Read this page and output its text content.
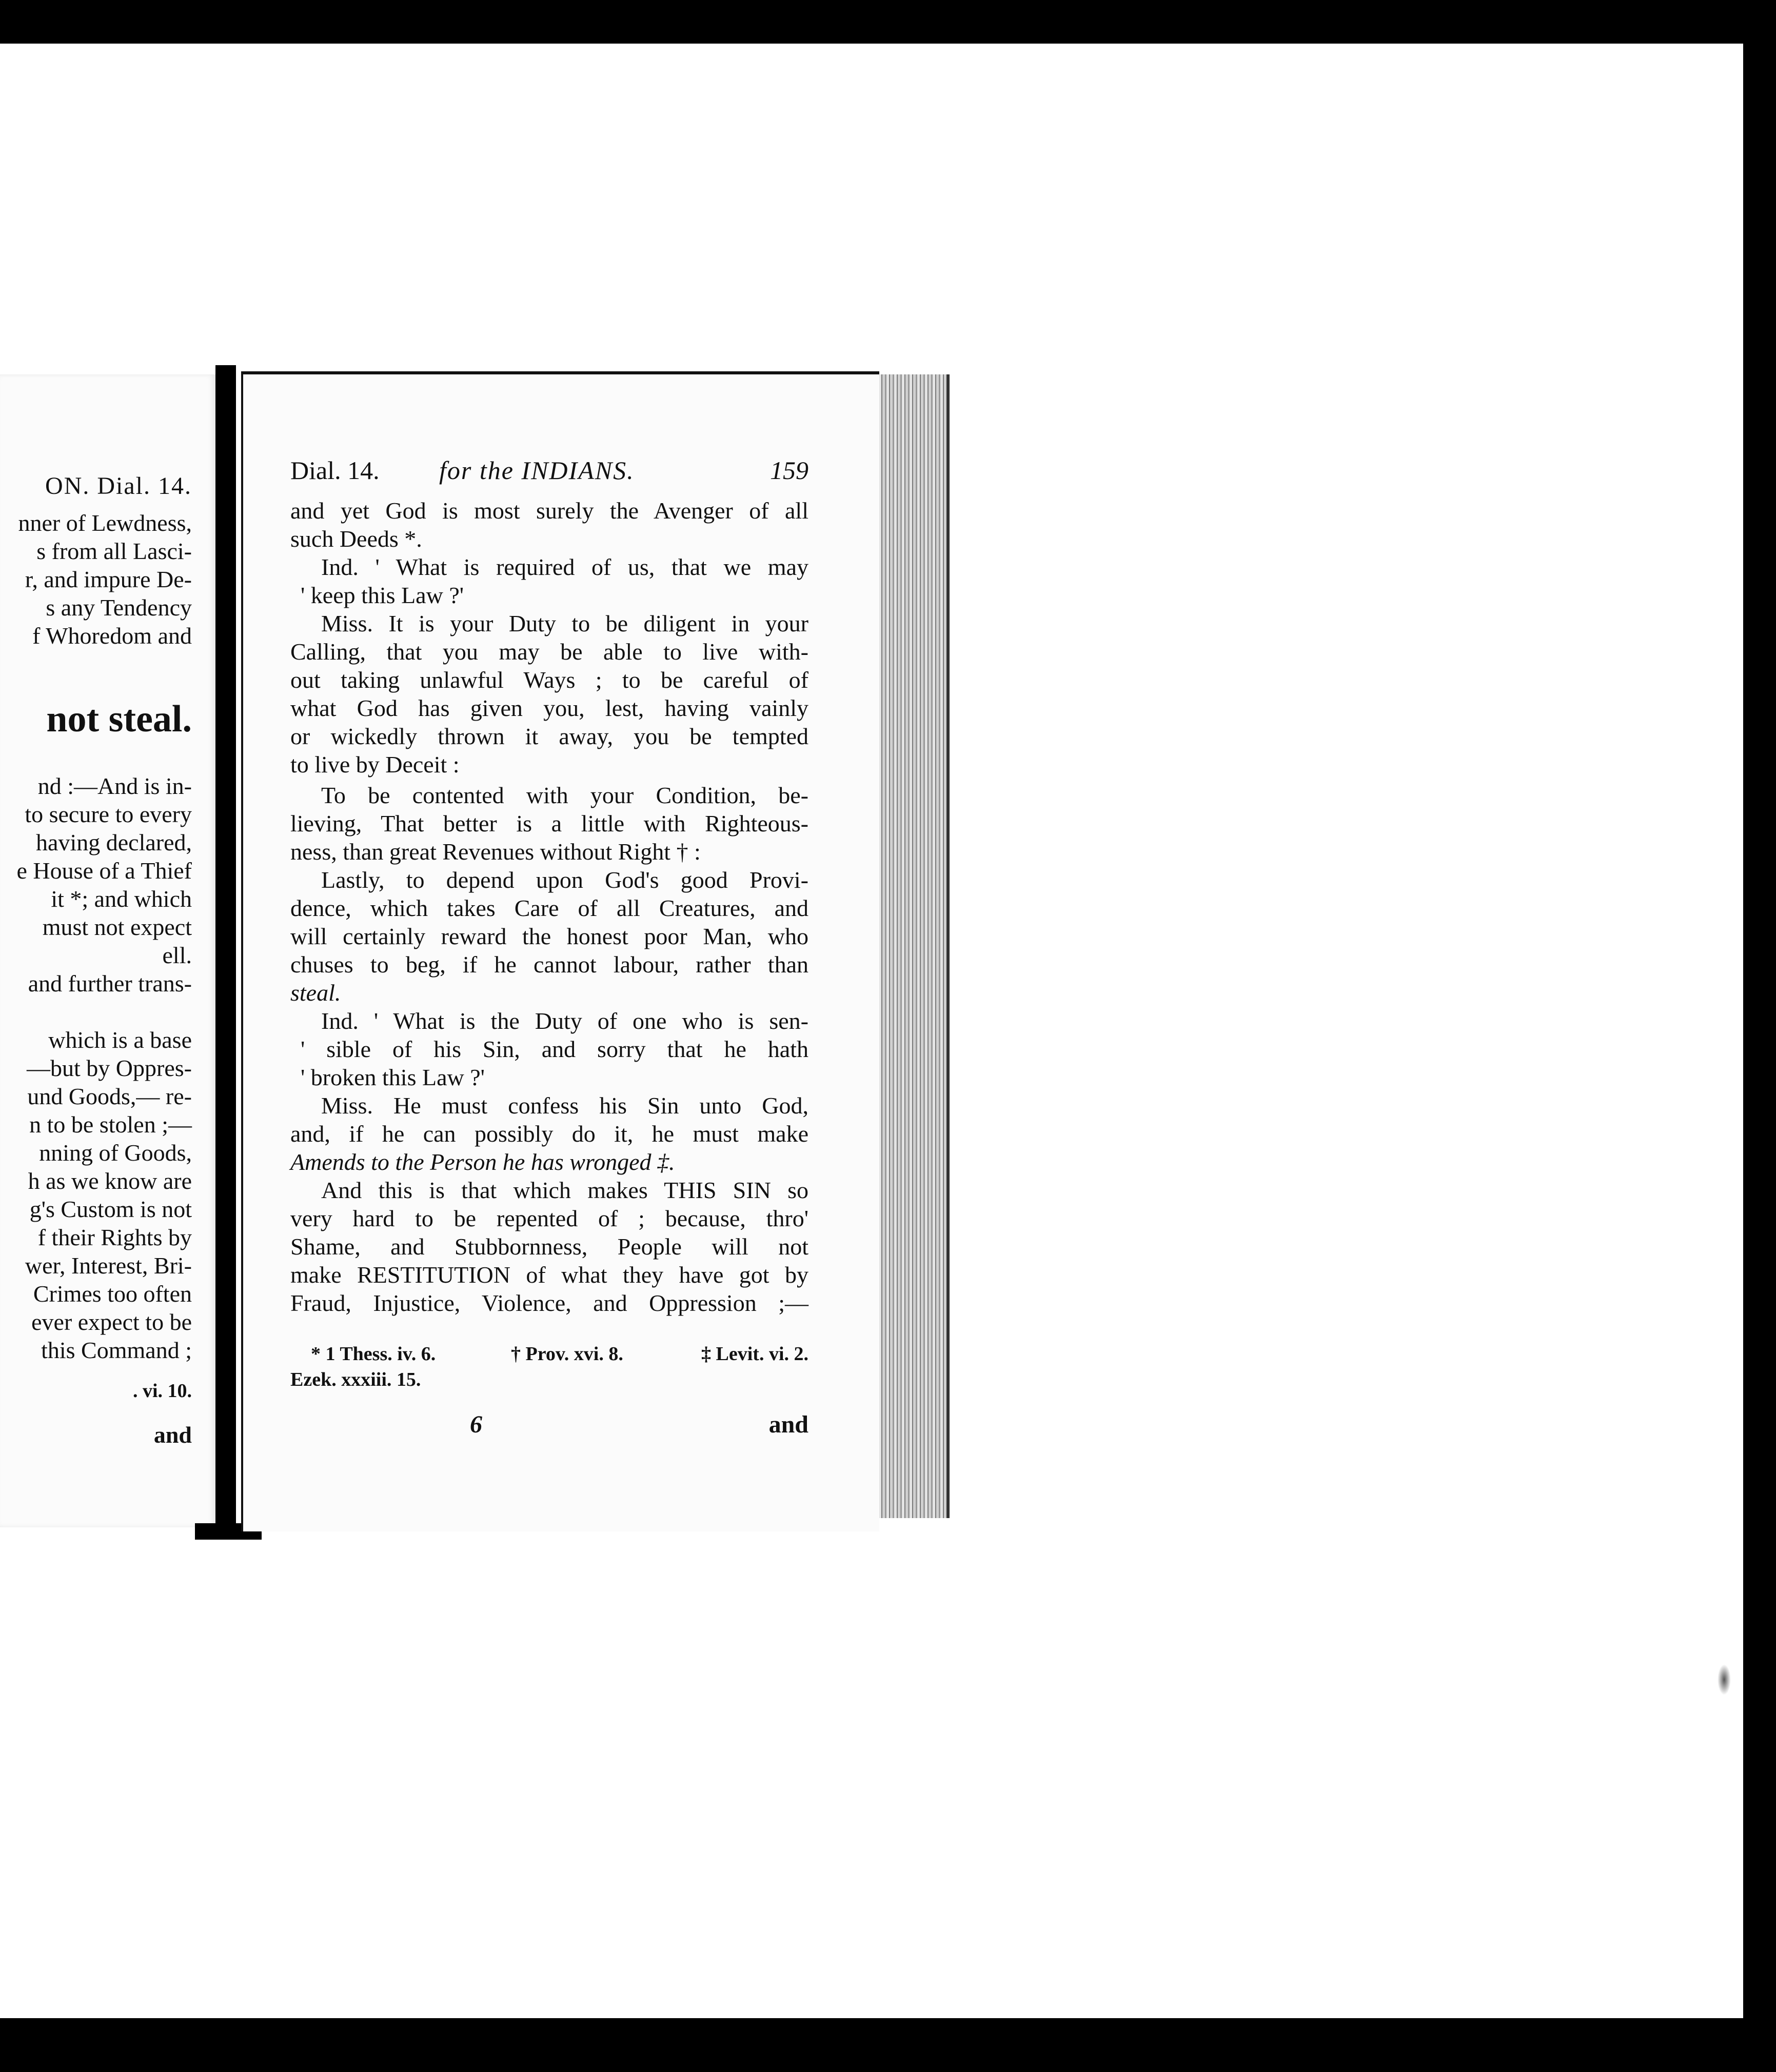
ON. Dial. 14.
nner of Lewdness,
s from all Lasci-
r, and impure De-
s any Tendency
f Whoredom and
not steal.
nd :—And is in-
to secure to every
having declared,
e House of a Thief
it *; and which
must not expect
ell.
and further trans-
which is a base
—but by Oppres-
und Goods,— re-
n to be stolen ;—
nning of Goods,
h as we know are
g's Custom is not
f their Rights by
wer, Interest, Bri-
Crimes too often
ever expect to be
this Command ;
. vi. 10.
and
Dial. 14. for the INDIANS.	159
and yet God is most surely the Avenger of all
such Deeds *.
Ind. ' What is required of us, that we may
' keep this Law ?'
Miss. It is your Duty to be diligent in your
Calling, that you may be able to live with-
out taking unlawful Ways ; to be careful of
what God has given you, lest, having vainly
or wickedly thrown it away, you be tempted
to live by Deceit :
To be contented with your Condition, be-
lieving, That better is a little with Righteous-
ness, than great Revenues without Right † :
Lastly, to depend upon God's good Provi-
dence, which takes Care of all Creatures, and
will certainly reward the honest poor Man, who
chuses to beg, if he cannot labour, rather than
steal.
Ind. ' What is the Duty of one who is sen-
' sible of his Sin, and sorry that he hath
' broken this Law ?'
Miss. He must confess his Sin unto God,
and, if he can possibly do it, he must make
Amends to the Person he has wronged ‡.
And this is that which makes THIS SIN so
very hard to be repented of ; because, thro'
Shame, and Stubbornness, People will not
make RESTITUTION of what they have got by
Fraud, Injustice, Violence, and Oppression ;—
* 1 Thess. iv. 6.	† Prov. xvi. 8.	‡ Levit. vi. 2.
Ezek. xxxiii. 15.
6	and
